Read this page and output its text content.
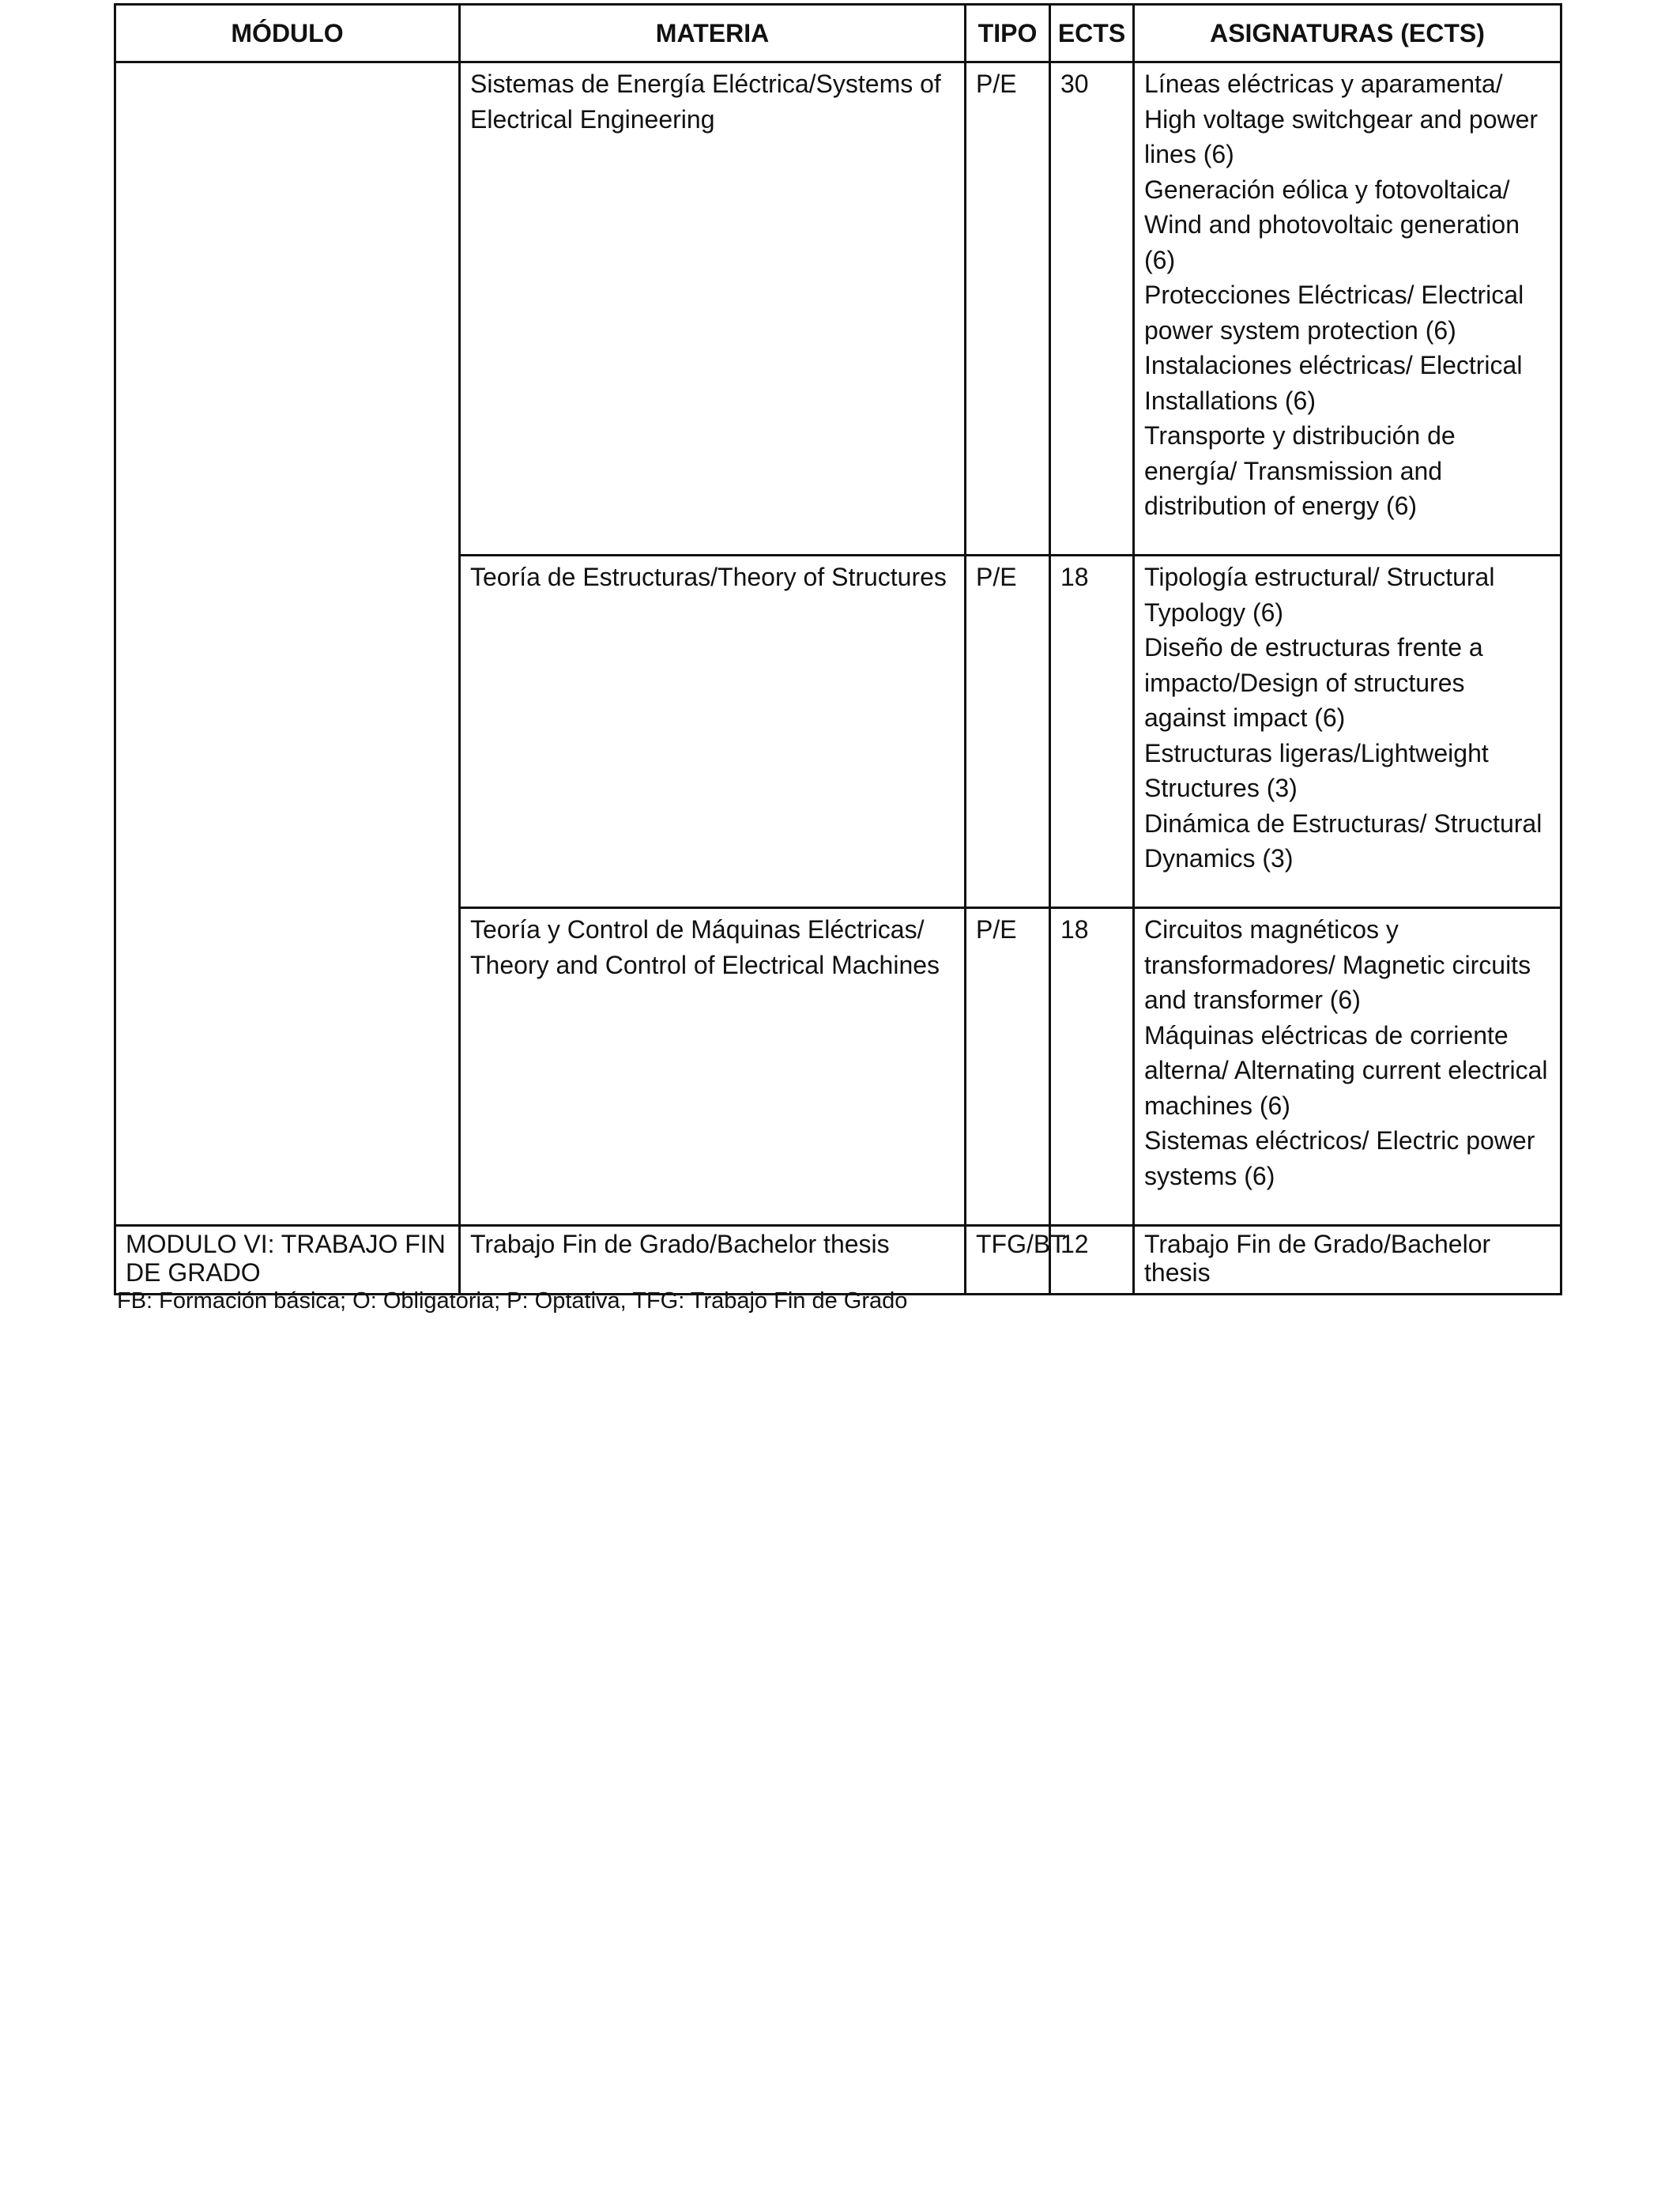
MÓDULO	MATERIA	TIPO	ECTS	ASIGNATURAS (ECTS)
	Sistemas de Energía Eléctrica/Systems of Electrical Engineering	P/E	30	Líneas eléctricas y aparamenta/ High voltage switchgear and power lines (6)
Generación eólica y fotovoltaica/ Wind and photovoltaic generation (6)
Protecciones Eléctricas/ Electrical power system protection (6)
Instalaciones eléctricas/ Electrical Installations (6)
Transporte y distribución de energía/ Transmission and distribution of energy (6)

	Teoría de Estructuras/Theory of Structures	P/E	18	Tipología estructural/ Structural Typology (6)
Diseño de estructuras frente a impacto/Design of structures against impact (6)
Estructuras ligeras/Lightweight Structures (3)
Dinámica de Estructuras/ Structural Dynamics (3)

	Teoría y Control de Máquinas Eléctricas/ Theory and Control of Electrical Machines	P/E	18	Circuitos magnéticos y transformadores/ Magnetic circuits and transformer (6)
Máquinas eléctricas de corriente alterna/ Alternating current electrical machines (6)
Sistemas eléctricos/ Electric power systems (6)

MODULO VI: TRABAJO FIN DE GRADO	Trabajo Fin de Grado/Bachelor thesis	TFG/BT	12	Trabajo Fin de Grado/Bachelor thesis
FB: Formación básica; O: Obligatoria; P: Optativa, TFG: Trabajo Fin de Grado
